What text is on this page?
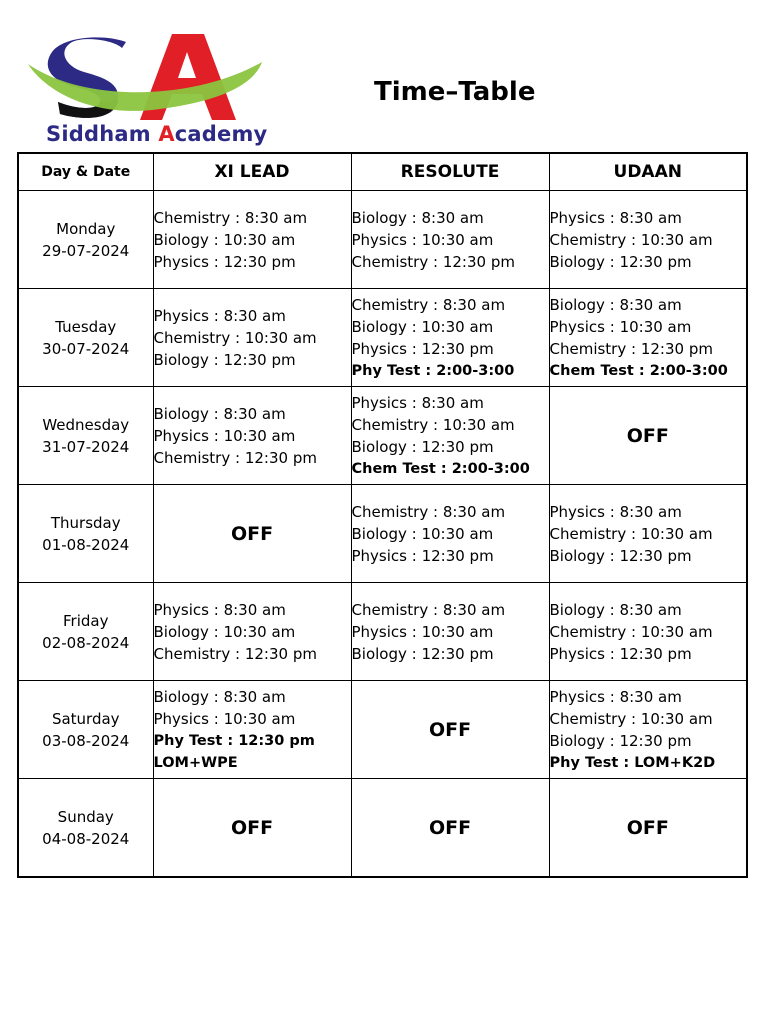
Siddham Academy
Time–Table
Day & Date	XI LEAD	RESOLUTE	UDAAN

Monday
29-07-2024	Chemistry : 8:30 am
Biology : 10:30 am
Physics : 12:30 pm	Biology : 8:30 am
Physics : 10:30 am
Chemistry : 12:30 pm	Physics : 8:30 am
Chemistry : 10:30 am
Biology : 12:30 pm

Tuesday
30-07-2024	Physics : 8:30 am
Chemistry : 10:30 am
Biology : 12:30 pm	Chemistry : 8:30 am
Biology : 10:30 am
Physics : 12:30 pm
Phy Test : 2:00-3:00	Biology : 8:30 am
Physics : 10:30 am
Chemistry : 12:30 pm
Chem Test : 2:00-3:00

Wednesday
31-07-2024	Biology : 8:30 am
Physics : 10:30 am
Chemistry : 12:30 pm	Physics : 8:30 am
Chemistry : 10:30 am
Biology : 12:30 pm
Chem Test : 2:00-3:00	OFF

Thursday
01-08-2024	OFF	Chemistry : 8:30 am
Biology : 10:30 am
Physics : 12:30 pm	Physics : 8:30 am
Chemistry : 10:30 am
Biology : 12:30 pm

Friday
02-08-2024	Physics : 8:30 am
Biology : 10:30 am
Chemistry : 12:30 pm	Chemistry : 8:30 am
Physics : 10:30 am
Biology : 12:30 pm	Biology : 8:30 am
Chemistry : 10:30 am
Physics : 12:30 pm

Saturday
03-08-2024	Biology : 8:30 am
Physics : 10:30 am
Phy Test : 12:30 pm
LOM+WPE	OFF	Physics : 8:30 am
Chemistry : 10:30 am
Biology : 12:30 pm
Phy Test : LOM+K2D

Sunday
04-08-2024	OFF	OFF	OFF
